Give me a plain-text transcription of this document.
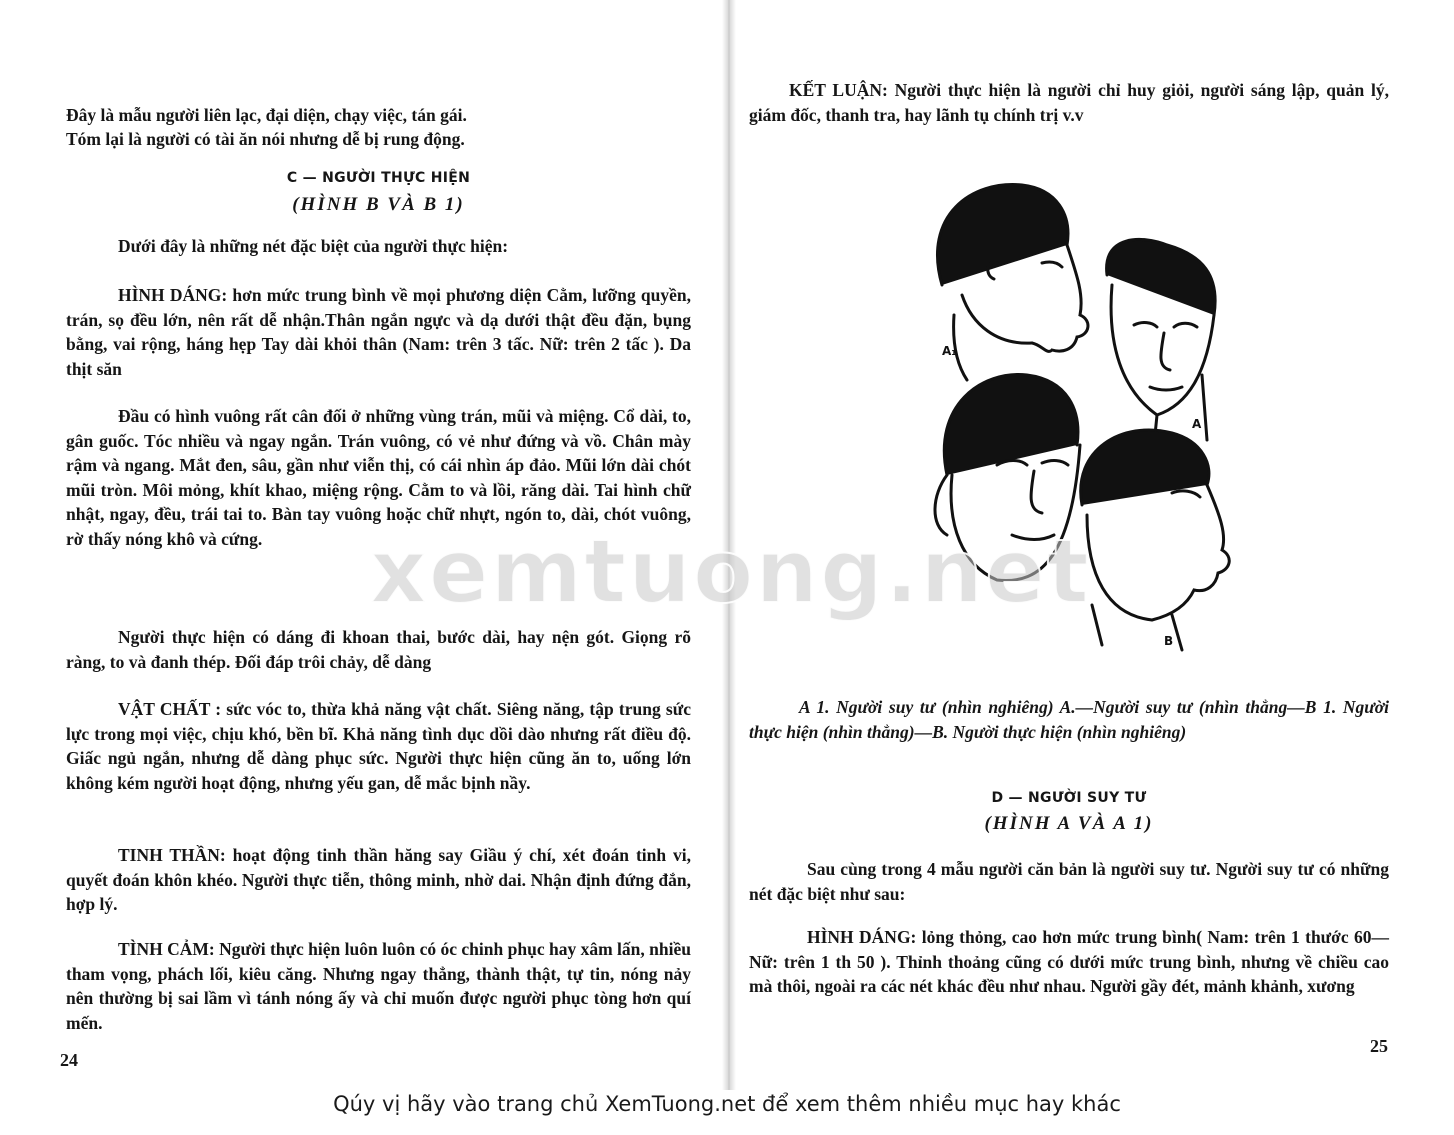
Đây là mẫu người liên lạc, đại diện, chạy việc, tán gái.

Tóm lại là người có tài ăn nói nhưng dễ bị rung động.

C — NGƯỜI THỰC HIỆN

(HÌNH B VÀ B 1)

Dưới đây là những nét đặc biệt của người thực hiện:

HÌNH DÁNG: hơn mức trung bình về mọi phương diện Cằm, lưỡng quyền, trán, sọ đều lớn, nên rất dễ nhận.Thân ngắn ngực và dạ dưới thật đều đặn, bụng bằng, vai rộng, háng hẹp Tay dài khỏi thân (Nam: trên 3 tấc. Nữ: trên 2 tấc ). Da thịt săn

Đầu có hình vuông rất cân đối ở những vùng trán, mũi và miệng. Cổ dài, to, gân guốc. Tóc nhiều và ngay ngắn. Trán vuông, có vẻ như đứng và vồ. Chân mày rậm và ngang. Mắt đen, sâu, gần như viễn thị, có cái nhìn áp đảo. Mũi lớn dài chót mũi tròn. Môi mỏng, khít khao, miệng rộng. Cằm to và lồi, răng dài. Tai hình chữ nhật, ngay, đều, trái tai to. Bàn tay vuông hoặc chữ nhựt, ngón to, dài, chót vuông, rờ thấy nóng khô và cứng.

Người thực hiện có dáng đi khoan thai, bước dài, hay nện gót. Giọng rõ ràng, to và đanh thép. Đối đáp trôi chảy, dễ dàng

VẬT CHẤT : sức vóc to, thừa khả năng vật chất. Siêng năng, tập trung sức lực trong mọi việc, chịu khó, bền bĩ. Khả năng tình dục dồi dào nhưng rất điều độ. Giấc ngủ ngắn, nhưng dễ dàng phục sức. Người thực hiện cũng ăn to, uống lớn không kém người hoạt động, nhưng yếu gan, dễ mắc bịnh nầy.

TINH THẦN: hoạt động tinh thần hăng say Giầu ý chí, xét đoán tinh vi, quyết đoán khôn khéo. Người thực tiễn, thông minh, nhờ dai. Nhận định đứng đắn, hợp lý.

TÌNH CẢM: Người thực hiện luôn luôn có óc chinh phục hay xâm lấn, nhiều tham vọng, phách lối, kiêu căng. Nhưng ngay thẳng, thành thật, tự tin, nóng nảy nên thường bị sai lầm vì tánh nóng ấy và chỉ muốn được người phục tòng hơn quí mến.

24

KẾT LUẬN: Người thực hiện là người chỉ huy giỏi, người sáng lập, quản lý, giám đốc, thanh tra, hay lãnh tụ chính trị v.v

A₁
A
B

A 1. Người suy tư (nhìn nghiêng) A.—Người suy tư (nhìn thẳng—B 1. Người thực hiện (nhìn thẳng)—B. Người thực hiện (nhìn nghiêng)

D — NGƯỜI SUY TƯ

(HÌNH A VÀ A 1)

Sau cùng trong 4 mẫu người căn bản là người suy tư. Người suy tư có những nét đặc biệt như sau:

HÌNH DÁNG: lỏng thỏng, cao hơn mức trung bình( Nam: trên 1 thước 60— Nữ: trên 1 th 50 ). Thỉnh thoảng cũng có dưới mức trung bình, nhưng về chiều cao mà thôi, ngoài ra các nét khác đều như nhau. Người gầy đét, mảnh khảnh, xương

25
xemtuong.net
Qúy vị hãy vào trang chủ XemTuong.net để xem thêm nhiều mục hay khác
